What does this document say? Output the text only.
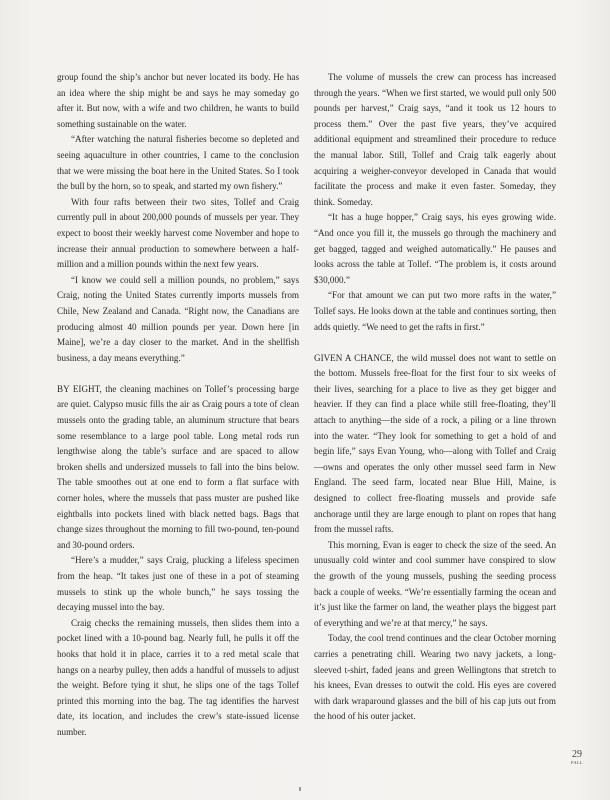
group found the ship’s anchor but never located its body. He has an idea where the ship might be and says he may someday go after it. But now, with a wife and two children, he wants to build something sustainable on the water.

“After watching the natural fisheries become so depleted and seeing aquaculture in other countries, I came to the conclusion that we were missing the boat here in the United States. So I took the bull by the horn, so to speak, and started my own fishery.”

With four rafts between their two sites, Tollef and Craig currently pull in about 200,000 pounds of mussels per year. They expect to boost their weekly harvest come November and hope to increase their annual production to somewhere between a half-million and a million pounds within the next few years.

“I know we could sell a million pounds, no problem,” says Craig, noting the United States currently imports mussels from Chile, New Zealand and Canada. “Right now, the Canadians are producing almost 40 million pounds per year. Down here [in Maine], we’re a day closer to the market. And in the shellfish business, a day means everything.”

BY EIGHT, the cleaning machines on Tollef’s processing barge are quiet. Calypso music fills the air as Craig pours a tote of clean mussels onto the grading table, an aluminum structure that bears some resemblance to a large pool table. Long metal rods run lengthwise along the table’s surface and are spaced to allow broken shells and undersized mussels to fall into the bins below. The table smoothes out at one end to form a flat surface with corner holes, where the mussels that pass muster are pushed like eightballs into pockets lined with black netted bags. Bags that change sizes throughout the morning to fill two-pound, ten-pound and 30-pound orders.

“Here’s a mudder,” says Craig, plucking a lifeless specimen from the heap. “It takes just one of these in a pot of steaming mussels to stink up the whole bunch,” he says tossing the decaying mussel into the bay.

Craig checks the remaining mussels, then slides them into a pocket lined with a 10-pound bag. Nearly full, he pulls it off the hooks that hold it in place, carries it to a red metal scale that hangs on a nearby pulley, then adds a handful of mussels to adjust the weight. Before tying it shut, he slips one of the tags Tollef printed this morning into the bag. The tag identifies the harvest date, its location, and includes the crew’s state-issued license number.

The volume of mussels the crew can process has increased through the years. “When we first started, we would pull only 500 pounds per harvest,” Craig says, “and it took us 12 hours to process them.” Over the past five years, they’ve acquired additional equipment and streamlined their procedure to reduce the manual labor. Still, Tollef and Craig talk eagerly about acquiring a weigher-conveyor developed in Canada that would facilitate the process and make it even faster. Someday, they think. Someday.

“It has a huge hopper,” Craig says, his eyes growing wide. “And once you fill it, the mussels go through the machinery and get bagged, tagged and weighed automatically.” He pauses and looks across the table at Tollef. “The problem is, it costs around $30,000.”

“For that amount we can put two more rafts in the water,” Tollef says. He looks down at the table and continues sorting, then adds quietly. “We need to get the rafts in first.”

GIVEN A CHANCE, the wild mussel does not want to settle on the bottom. Mussels free-float for the first four to six weeks of their lives, searching for a place to live as they get bigger and heavier. If they can find a place while still free-floating, they’ll attach to anything—the side of a rock, a piling or a line thrown into the water. “They look for something to get a hold of and begin life,” says Evan Young, who—along with Tollef and Craig—owns and operates the only other mussel seed farm in New England. The seed farm, located near Blue Hill, Maine, is designed to collect free-floating mussels and provide safe anchorage until they are large enough to plant on ropes that hang from the mussel rafts.

This morning, Evan is eager to check the size of the seed. An unusually cold winter and cool summer have conspired to slow the growth of the young mussels, pushing the seeding process back a couple of weeks. “We’re essentially farming the ocean and it’s just like the farmer on land, the weather plays the biggest part of everything and we’re at that mercy,” he says.

Today, the cool trend continues and the clear October morning carries a penetrating chill. Wearing two navy jackets, a long-sleeved t-shirt, faded jeans and green Wellingtons that stretch to his knees, Evan dresses to outwit the cold. His eyes are covered with dark wraparound glasses and the bill of his cap juts out from the hood of his outer jacket.

29
FALL
